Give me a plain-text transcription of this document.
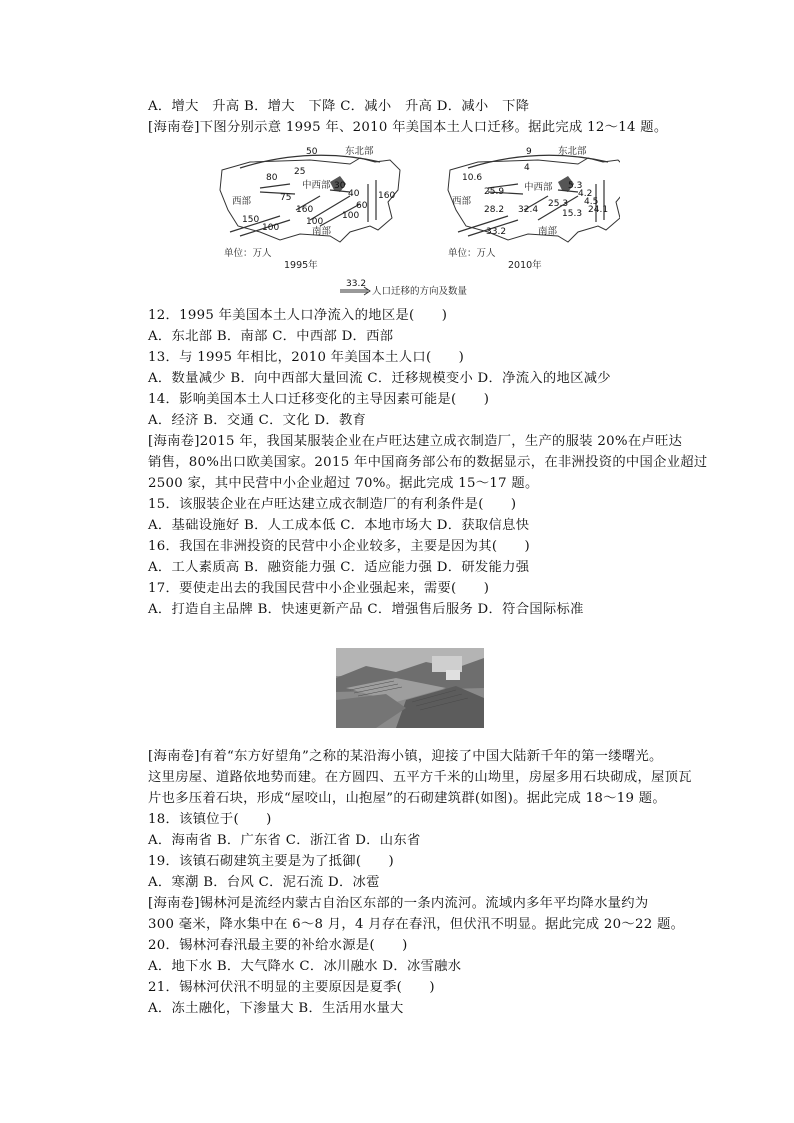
A．增大　升高 B．增大　下降 C．减小　升高 D．减小　下降
[海南卷]下图分别示意 1995 年、2010 年美国本土人口迁移。据此完成 12～14 题。
东北部
中西部
西部
南部
50
80
25
30
75	40 160
60
160
100
150	100
100
单位：万人
1995年
东北部
中西部
西部
南部
9
4
10.6
5.3
25.9	4.2
4.5
28.2 32.4	15.3 24.1
33.2
25.3
单位：万人
2010年
33.2
人口迁移的方向及数量
12．1995 年美国本土人口净流入的地区是(　　)
A．东北部 B．南部 C．中西部 D．西部
13．与 1995 年相比，2010 年美国本土人口(　　)
A．数量减少 B．向中西部大量回流 C．迁移规模变小 D．净流入的地区减少
14．影响美国本土人口迁移变化的主导因素可能是(　　)
A．经济 B．交通 C．文化 D．教育
[海南卷]2015 年，我国某服装企业在卢旺达建立成衣制造厂，生产的服装 20%在卢旺达
销售，80%出口欧美国家。2015 年中国商务部公布的数据显示，在非洲投资的中国企业超过
2500 家，其中民营中小企业超过 70%。据此完成 15～17 题。
15．该服装企业在卢旺达建立成衣制造厂的有利条件是(　　)
A．基础设施好 B．人工成本低 C．本地市场大 D．获取信息快
16．我国在非洲投资的民营中小企业较多，主要是因为其(　　)
A．工人素质高 B．融资能力强 C．适应能力强 D．研发能力强
17．要使走出去的我国民营中小企业强起来，需要(　　)
A．打造自主品牌 B．快速更新产品 C．增强售后服务 D．符合国际标准
[海南卷]有着“东方好望角”之称的某沿海小镇，迎接了中国大陆新千年的第一缕曙光。
这里房屋、道路依地势而建。在方圆四、五平方千米的山坳里，房屋多用石块砌成，屋顶瓦
片也多压着石块，形成“屋咬山，山抱屋”的石砌建筑群(如图)。据此完成 18～19 题。
18．该镇位于(　　)
A．海南省 B．广东省 C．浙江省 D．山东省
19．该镇石砌建筑主要是为了抵御(　　)
A．寒潮 B．台风 C．泥石流 D．冰雹
[海南卷]锡林河是流经内蒙古自治区东部的一条内流河。流域内多年平均降水量约为
300 毫米，降水集中在 6～8 月，4 月存在春汛，但伏汛不明显。据此完成 20～22 题。
20．锡林河春汛最主要的补给水源是(　　)
A．地下水 B．大气降水 C．冰川融水 D．冰雪融水
21．锡林河伏汛不明显的主要原因是夏季(　　)
A．冻土融化，下渗量大 B．生活用水量大
